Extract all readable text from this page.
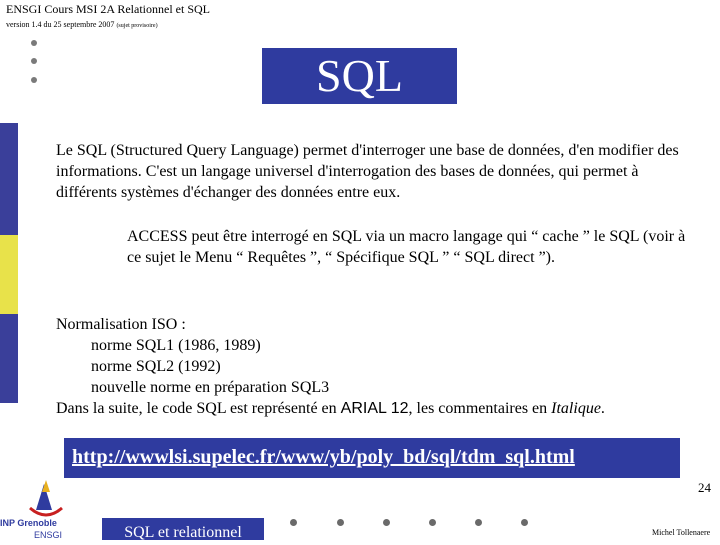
ENSGI Cours MSI 2A Relationnel et SQL
version 1.4 du 25 septembre 2007 (sujet provisoire)
SQL
Le SQL (Structured Query Language) permet d'interroger une base de données, d'en modifier des informations. C'est un langage universel d'interrogation des bases de données, qui permet à différents systèmes d'échanger des données entre eux.
ACCESS peut être interrogé en SQL via un macro langage qui “ cache ” le SQL (voir à ce sujet le Menu “ Requêtes ”, “ Spécifique SQL ” “ SQL direct ”).
Normalisation ISO :
norme SQL1 (1986, 1989)
norme SQL2 (1992)
nouvelle norme en préparation SQL3
Dans la suite, le code SQL est représenté en ARIAL 12, les commentaires en Italique.
http://wwwlsi.supelec.fr/www/yb/poly_bd/sql/tdm_sql.html
INP Grenoble
ENSGI	SQL et relationnel
24
Michel Tollenaere
